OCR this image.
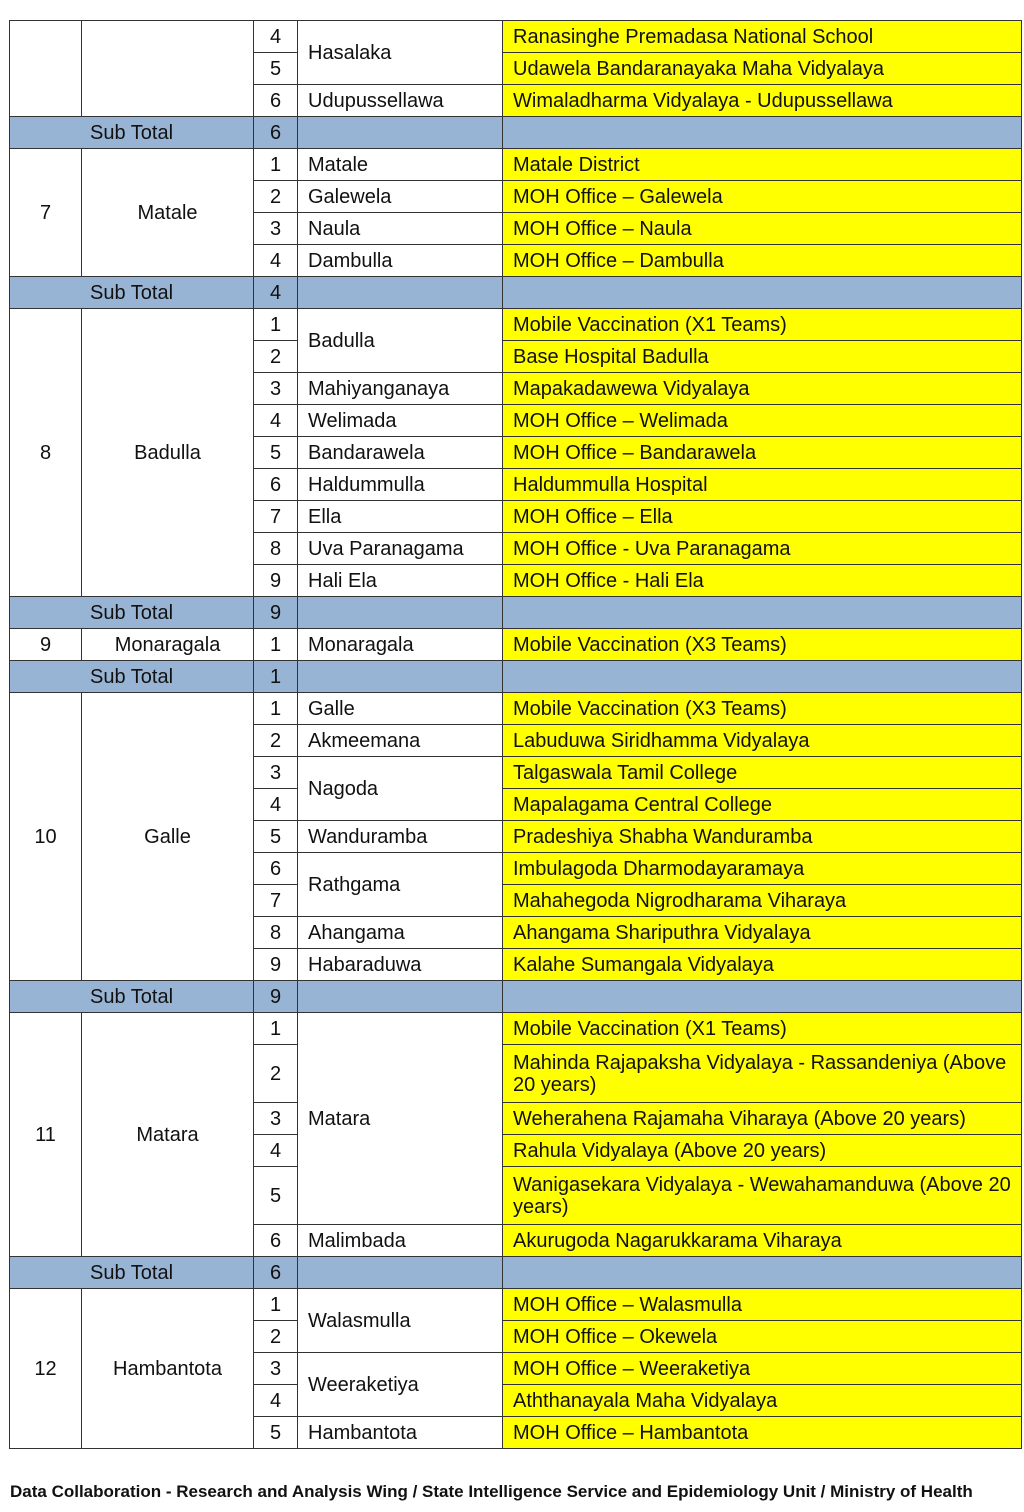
		4	Hasalaka	Ranasinghe Premadasa National School
		5		Udawela Bandaranayaka Maha Vidyalaya
		6	Udupussellawa	Wimaladharma Vidyalaya - Udupussellawa
Sub Total		6		
7	Matale	1	Matale	Matale District
		2	Galewela	MOH Office – Galewela
		3	Naula	MOH Office – Naula
		4	Dambulla	MOH Office – Dambulla
Sub Total		4		
8	Badulla	1	Badulla	Mobile Vaccination (X1 Teams)
		2		Base Hospital Badulla
		3	Mahiyanganaya	Mapakadawewa Vidyalaya
		4	Welimada	MOH Office – Welimada
		5	Bandarawela	MOH Office – Bandarawela
		6	Haldummulla	Haldummulla Hospital
		7	Ella	MOH Office – Ella
		8	Uva Paranagama	MOH Office - Uva Paranagama
		9	Hali Ela	MOH Office - Hali Ela
Sub Total		9		
9	Monaragala	1	Monaragala	Mobile Vaccination (X3 Teams)
Sub Total		1		
10	Galle	1	Galle	Mobile Vaccination (X3 Teams)
		2	Akmeemana	Labuduwa Siridhamma Vidyalaya
		3	Nagoda	Talgaswala Tamil College
		4		Mapalagama Central College
		5	Wanduramba	Pradeshiya Shabha Wanduramba
		6	Rathgama	Imbulagoda Dharmodayaramaya
		7		Mahahegoda Nigrodharama Viharaya
		8	Ahangama	Ahangama Shariputhra Vidyalaya
		9	Habaraduwa	Kalahe Sumangala Vidyalaya
Sub Total		9		
11	Matara	1	Matara	Mobile Vaccination (X1 Teams)
		2		Mahinda Rajapaksha Vidyalaya - Rassandeniya (Above 20 years)
		3		Weherahena Rajamaha Viharaya (Above 20 years)
		4		Rahula Vidyalaya (Above 20 years)
		5		Wanigasekara Vidyalaya - Wewahamanduwa (Above 20 years)
		6	Malimbada	Akurugoda Nagarukkarama Viharaya
Sub Total		6		
12	Hambantota	1	Walasmulla	MOH Office – Walasmulla
		2		MOH Office – Okewela
		3	Weeraketiya	MOH Office – Weeraketiya
		4		Aththanayala Maha Vidyalaya
		5	Hambantota	MOH Office – Hambantota
Data Collaboration - Research and Analysis Wing / State Intelligence Service and Epidemiology Unit / Ministry of Health
